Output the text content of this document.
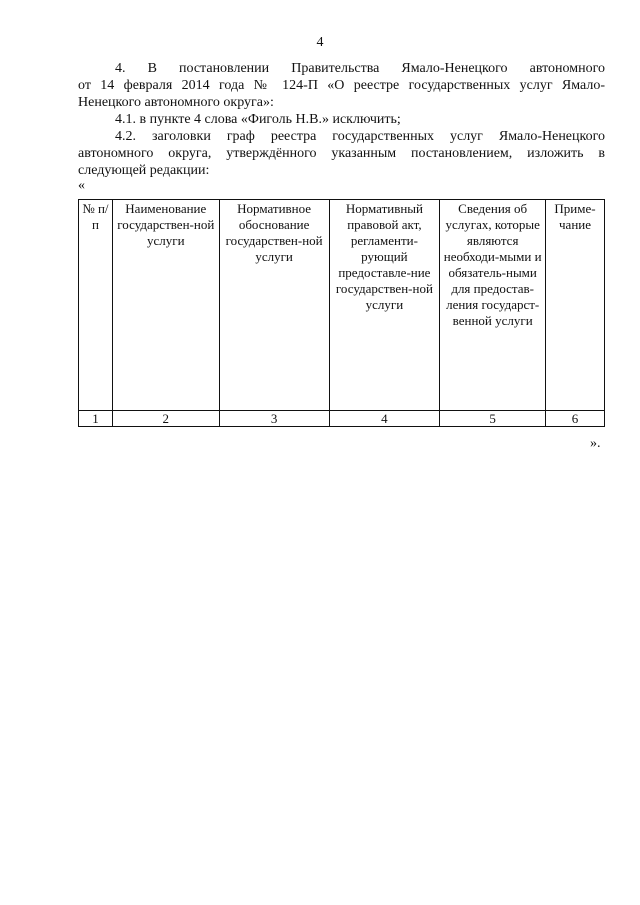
4

4. В постановлении Правительства Ямало-Ненецкого автономного
от 14 февраля 2014 года № 124-П «О реестре государственных услуг Ямало-
Ненецкого автономного округа»:

4.1. в пункте 4 слова «Фиголь Н.В.» исключить;

4.2. заголовки граф реестра государственных услуг Ямало-Ненецкого
автономного округа, утверждённого указанным постановлением, изложить в
следующей редакции:

«

№ п/п	Наименование государствен-ной услуги	Нормативное обоснование государствен-ной услуги	Нормативный правовой акт, регламенти-рующий предоставле-ние государствен-ной услуги	Сведения об услугах, которые являются необходи-мыми и обязатель-ными для предостав-ления государст-венной услуги	Приме-чание
1	2	3	4	5	6
».
